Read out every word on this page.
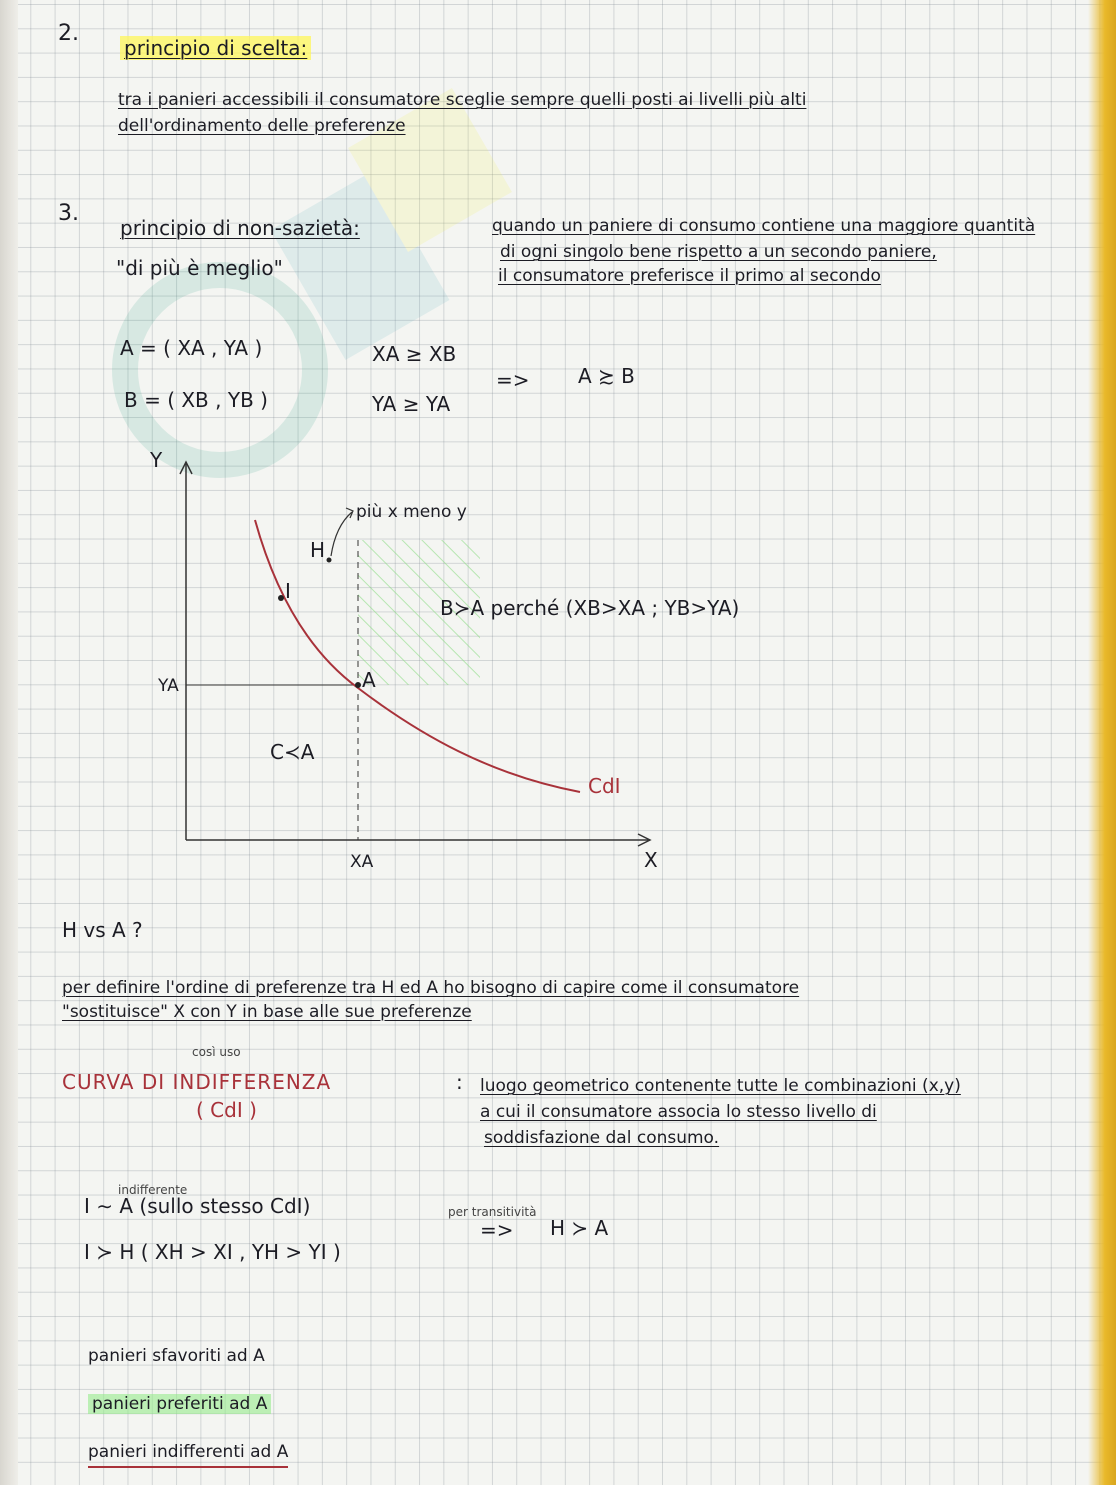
2.
principio di scelta:
tra i panieri accessibili il consumatore sceglie sempre quelli posti ai livelli più alti
dell'ordinamento delle preferenze
3.
principio di non-sazietà:
"di più è meglio"
quando un paniere di consumo contiene una maggiore quantità
di ogni singolo bene rispetto a un secondo paniere,
il consumatore preferisce il primo al secondo
A = ( XA , YA )
B = ( XB , YB )
XA ≥ XB
YA ≥ YA
=> A ≿ B
Y
X
YA
XA
A
I
H
più x meno y
B≻A perché (XB>XA ; YB>YA)
C≺A
CdI
H vs A ?
per definire l'ordine di preferenze tra H ed A ho bisogno di capire come il consumatore
"sostituisce" X con Y in base alle sue preferenze
così uso
CURVA DI INDIFFERENZA
( CdI )
: luogo geometrico contenente tutte le combinazioni (x,y)
a cui il consumatore associa lo stesso livello di
soddisfazione dal consumo.
indifferente
I ∼ A (sullo stesso CdI)
I ≻ H ( XH > XI , YH > YI )
per transitività
=> H ≻ A
panieri sfavoriti ad A
panieri preferiti ad A
panieri indifferenti ad A
